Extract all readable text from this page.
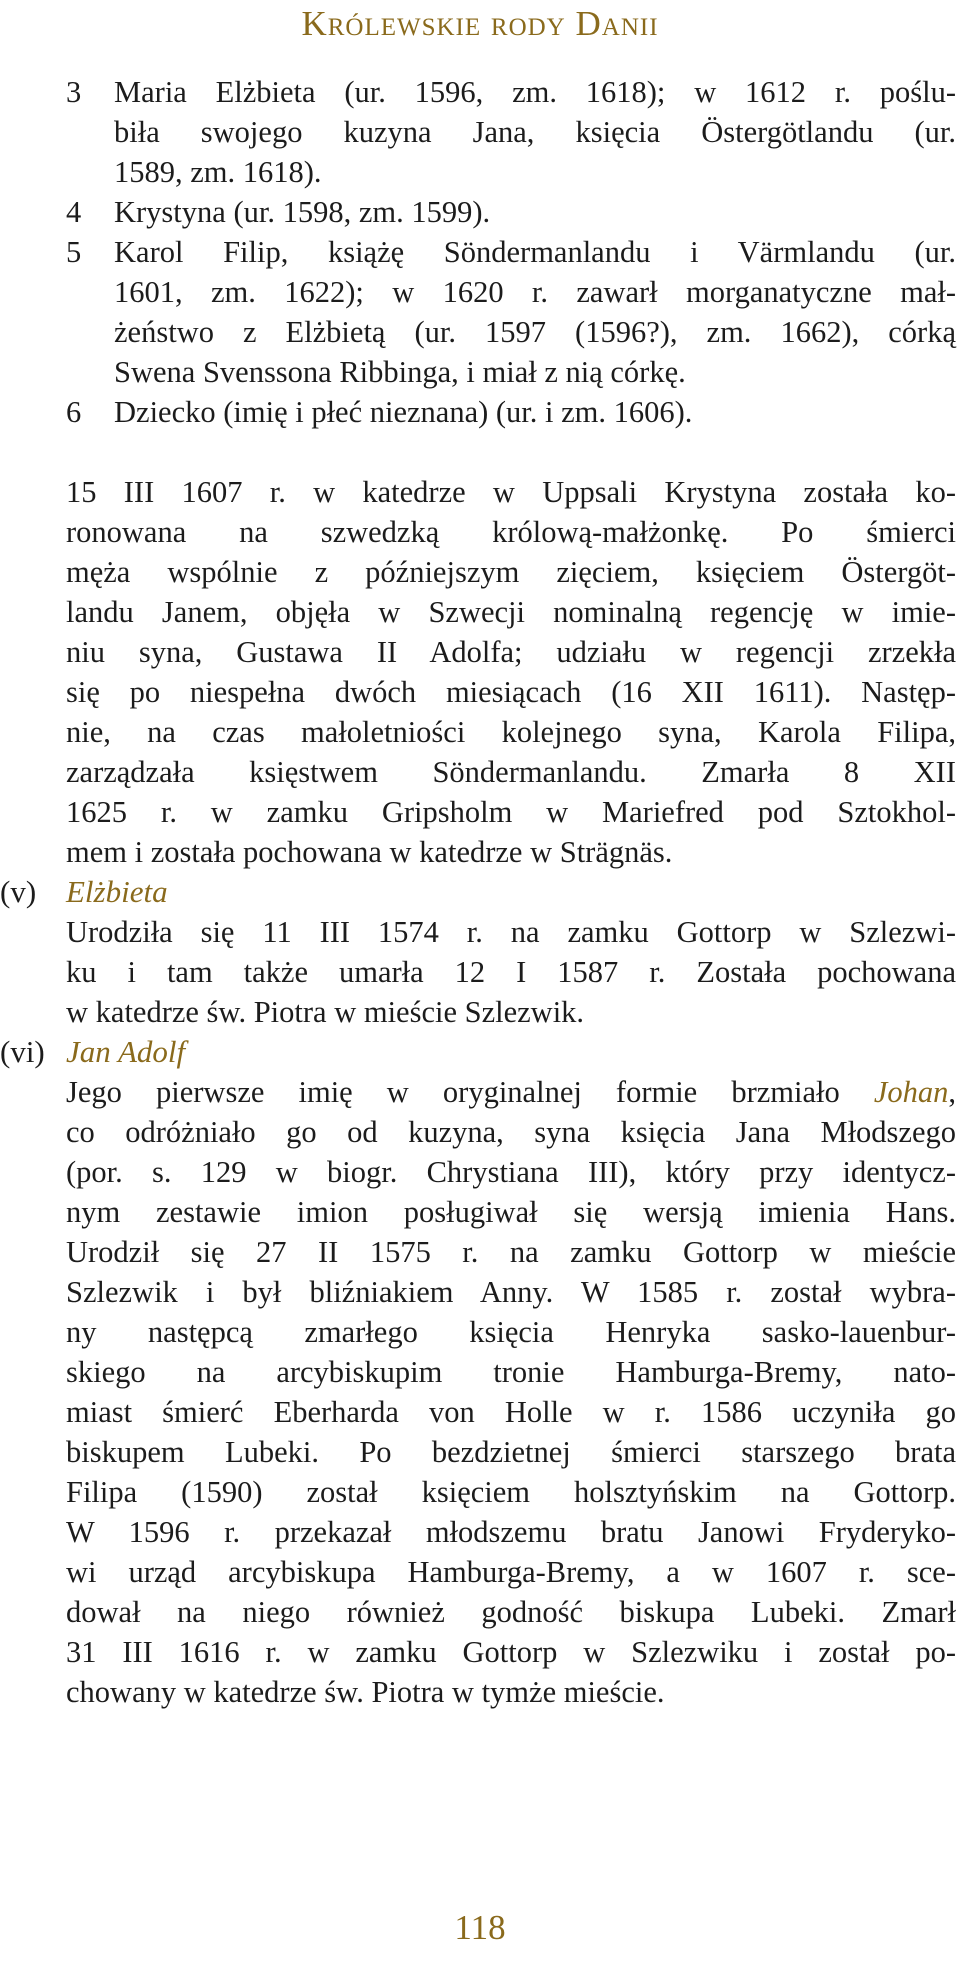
Królewskie rody Danii
3 Maria Elżbieta (ur. 1596, zm. 1618); w 1612 r. poślu-
biła swojego kuzyna Jana, księcia Östergötlandu (ur.
1589, zm. 1618).
4 Krystyna (ur. 1598, zm. 1599).
5 Karol Filip, książę Söndermanlandu i Värmlandu (ur.
1601, zm. 1622); w 1620 r. zawarł morganatyczne mał-
żeństwo z Elżbietą (ur. 1597 (1596?), zm. 1662), córką
Swena Svenssona Ribbinga, i miał z nią córkę.
6 Dziecko (imię i płeć nieznana) (ur. i zm. 1606).
15 III 1607 r. w katedrze w Uppsali Krystyna została ko-
ronowana na szwedzką królową-małżonkę. Po śmierci
męża wspólnie z późniejszym zięciem, księciem Östergöt-
landu Janem, objęła w Szwecji nominalną regencję w imie-
niu syna, Gustawa II Adolfa; udziału w regencji zrzekła
się po niespełna dwóch miesiącach (16 XII 1611). Następ-
nie, na czas małoletniości kolejnego syna, Karola Filipa,
zarządzała księstwem Söndermanlandu. Zmarła 8 XII
1625 r. w zamku Gripsholm w Mariefred pod Sztokhol-
mem i została pochowana w katedrze w Strägnäs.
(v) Elżbieta
Urodziła się 11 III 1574 r. na zamku Gottorp w Szlezwi-
ku i tam także umarła 12 I 1587 r. Została pochowana
w katedrze św. Piotra w mieście Szlezwik.
(vi) Jan Adolf
Jego pierwsze imię w oryginalnej formie brzmiało Johan,
co odróżniało go od kuzyna, syna księcia Jana Młodszego
(por. s. 129 w biogr. Chrystiana III), który przy identycz-
nym zestawie imion posługiwał się wersją imienia Hans.
Urodził się 27 II 1575 r. na zamku Gottorp w mieście
Szlezwik i był bliźniakiem Anny. W 1585 r. został wybra-
ny następcą zmarłego księcia Henryka sasko-lauenbur-
skiego na arcybiskupim tronie Hamburga-Bremy, nato-
miast śmierć Eberharda von Holle w r. 1586 uczyniła go
biskupem Lubeki. Po bezdzietnej śmierci starszego brata
Filipa (1590) został księciem holsztyńskim na Gottorp.
W 1596 r. przekazał młodszemu bratu Janowi Fryderyko-
wi urząd arcybiskupa Hamburga-Bremy, a w 1607 r. sce-
dował na niego również godność biskupa Lubeki. Zmarł
31 III 1616 r. w zamku Gottorp w Szlezwiku i został po-
chowany w katedrze św. Piotra w tymże mieście.
118
